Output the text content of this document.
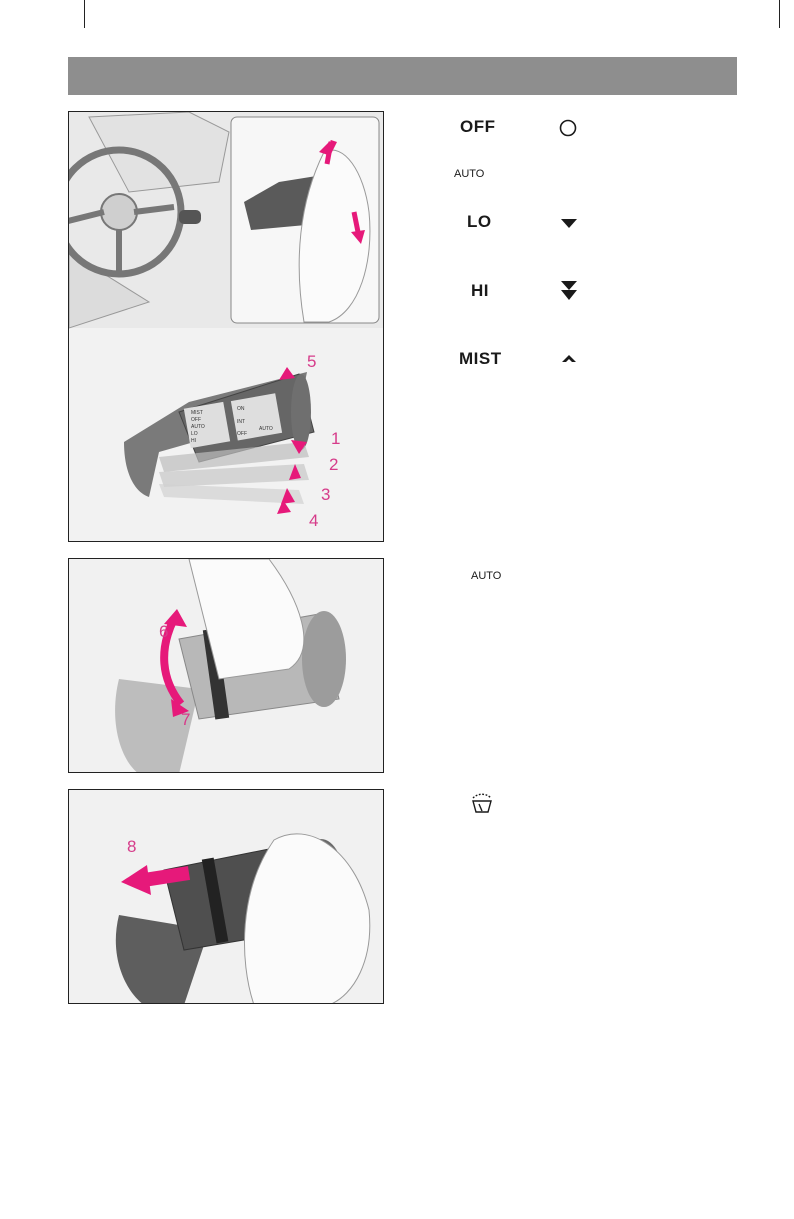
5
1
2
3
4
MIST
OFF
AUTO
LO
HI
ON
INT
OFF
AUTO
6
7
8
OFF
AUTO
LO
HI
MIST
AUTO
